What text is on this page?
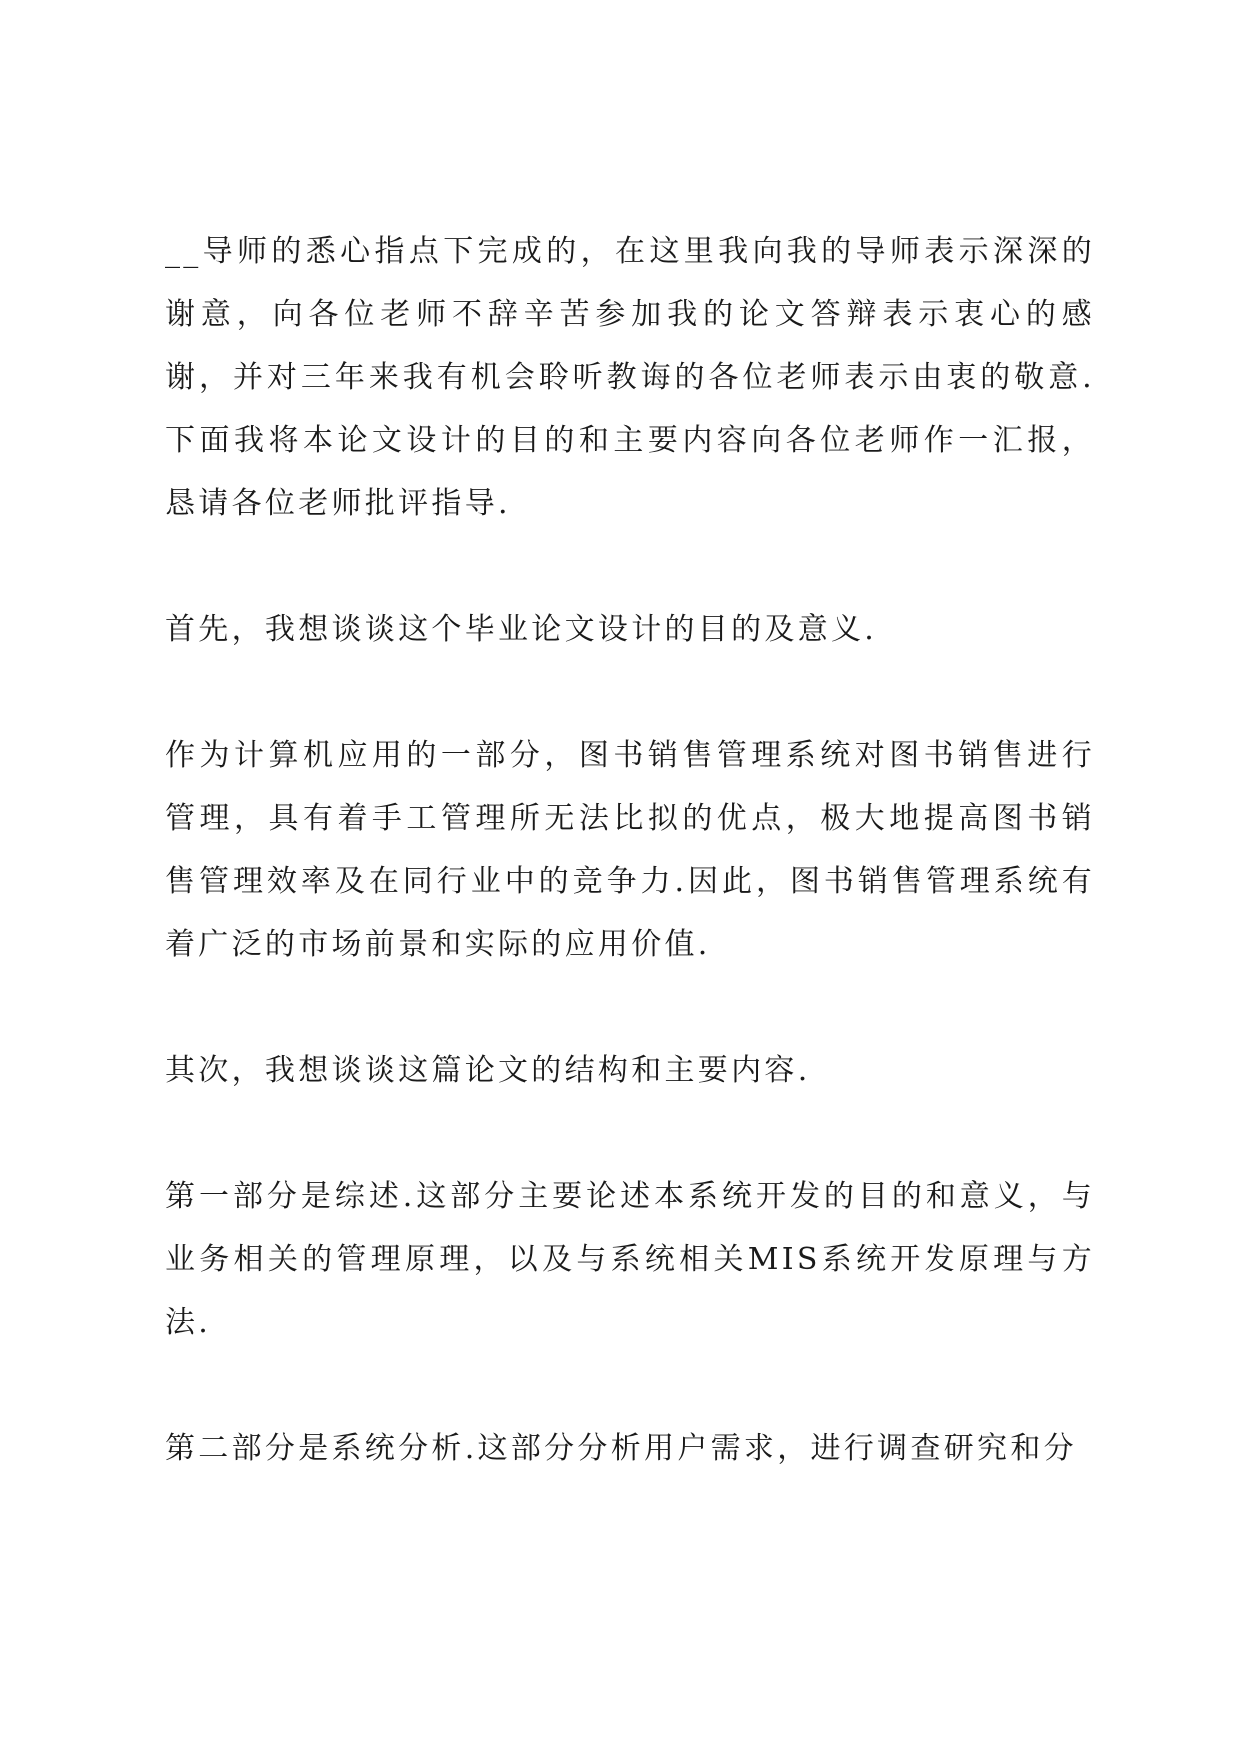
__导师的悉心指点下完成的，在这里我向我的导师表示深深的谢意，向各位老师不辞辛苦参加我的论文答辩表示衷心的感谢，并对三年来我有机会聆听教诲的各位老师表示由衷的敬意. 下面我将本论文设计的目的和主要内容向各位老师作一汇报，恳请各位老师批评指导.

首先，我想谈谈这个毕业论文设计的目的及意义.

作为计算机应用的一部分，图书销售管理系统对图书销售进行管理，具有着手工管理所无法比拟的优点，极大地提高图书销售管理效率及在同行业中的竞争力.因此，图书销售管理系统有着广泛的市场前景和实际的应用价值.

其次，我想谈谈这篇论文的结构和主要内容.

第一部分是综述.这部分主要论述本系统开发的目的和意义，与业务相关的管理原理，以及与系统相关MIS系统开发原理与方法.

第二部分是系统分析.这部分分析用户需求，进行调查研究和分
